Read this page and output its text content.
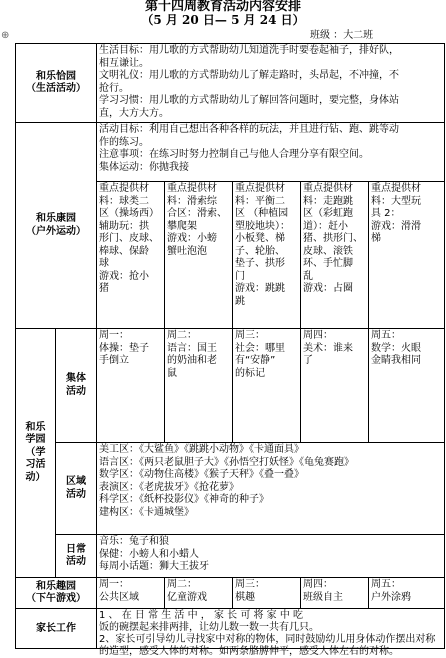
第十四周教育活动内容安排
（5 月 20 日— 5 月 24 日）
⊕	班级 ：大二班
和乐恰园
（生活活动）
生活目标：用儿歌的方式帮助幼儿知道洗手时要卷起袖子，排好队，
相互谦让。
文明礼仪：用儿歌的方式帮助幼儿了解走路时，头昂起，不冲撞，不
抢行。
学习习惯：用儿歌的方式帮助幼儿了解回答问题时，要完整，身体站
直，大方大方。
和乐康园
（户外运动）
活动目标：利用自己想出各种各样的玩法，并且进行钻、跑、跳等动
作的练习。
注意事项：在练习时努力控制自己与他人合理分享有限空间。
集体运动：你抛我接
重点提供材
料：球类二
区（操场西）
辅助玩：拱
形门、皮球、
棒球、保龄
球
游戏：抢小
猪
重点提供材
料：滑索综
合区：滑索、
攀爬架
游戏：小螃
蟹吐泡泡
重点提供材
料：平衡二
区 （种植园
塑胶地块）：
小板凳、梯
子、轮胎、
垫子、拱形
门
游戏：跳跳
跳
重点提供材
料：走跑跳
区（彩虹跑
道）：赶小
猪、拱形门、
皮球、滚铁
环、手忙脚
乱
游戏：占圈
重点提供材
料：大型玩
具 2：
游戏：滑滑
梯
和乐
学园
（学
习活
动）
集体
活动
周一：
体操：垫子
手倒立
周二：
语言：国王
的奶油和老
鼠
周三：
社会：哪里
有“安静”
的标记
周四：
美术：谁来
了
周五：
数学：火眼
金睛我相同
区域
活动
美工区：《大鲨鱼》《跳跳小动物》《卡通面具》
语言区：《两只老鼠胆子大》《孙悟空打妖怪》《龟兔赛跑》
数学区：《动物住高楼》《猴子天秤》《叠一叠》
表演区：《老虎拔牙》《抢花萝》
科学区：《纸杯投影仪》《神奇的种子》
建构区：《卡通城堡》
日常
活动
音乐：兔子和狼
保健：小螃人和小蜡人
每周小话题：狮大王拔牙
和乐趣园
（下午游戏）
周一：
公共区域
周二：
亿童游戏
周三：
棋趣
周四：
班级自主
周五：
户外涂鸦
家长工作
1 、 在 日 常 生 活 中 ， 家 长 可 将 家 中 吃
饭的碗摆起来排两排，让幼儿数一数一共有几只。
2、家长可引导幼儿寻找家中对称的物体，同时鼓励幼儿用身体动作摆出对称的造型，感受人体的对称。如两条胳膊伸平，感受人体左右的对称。
